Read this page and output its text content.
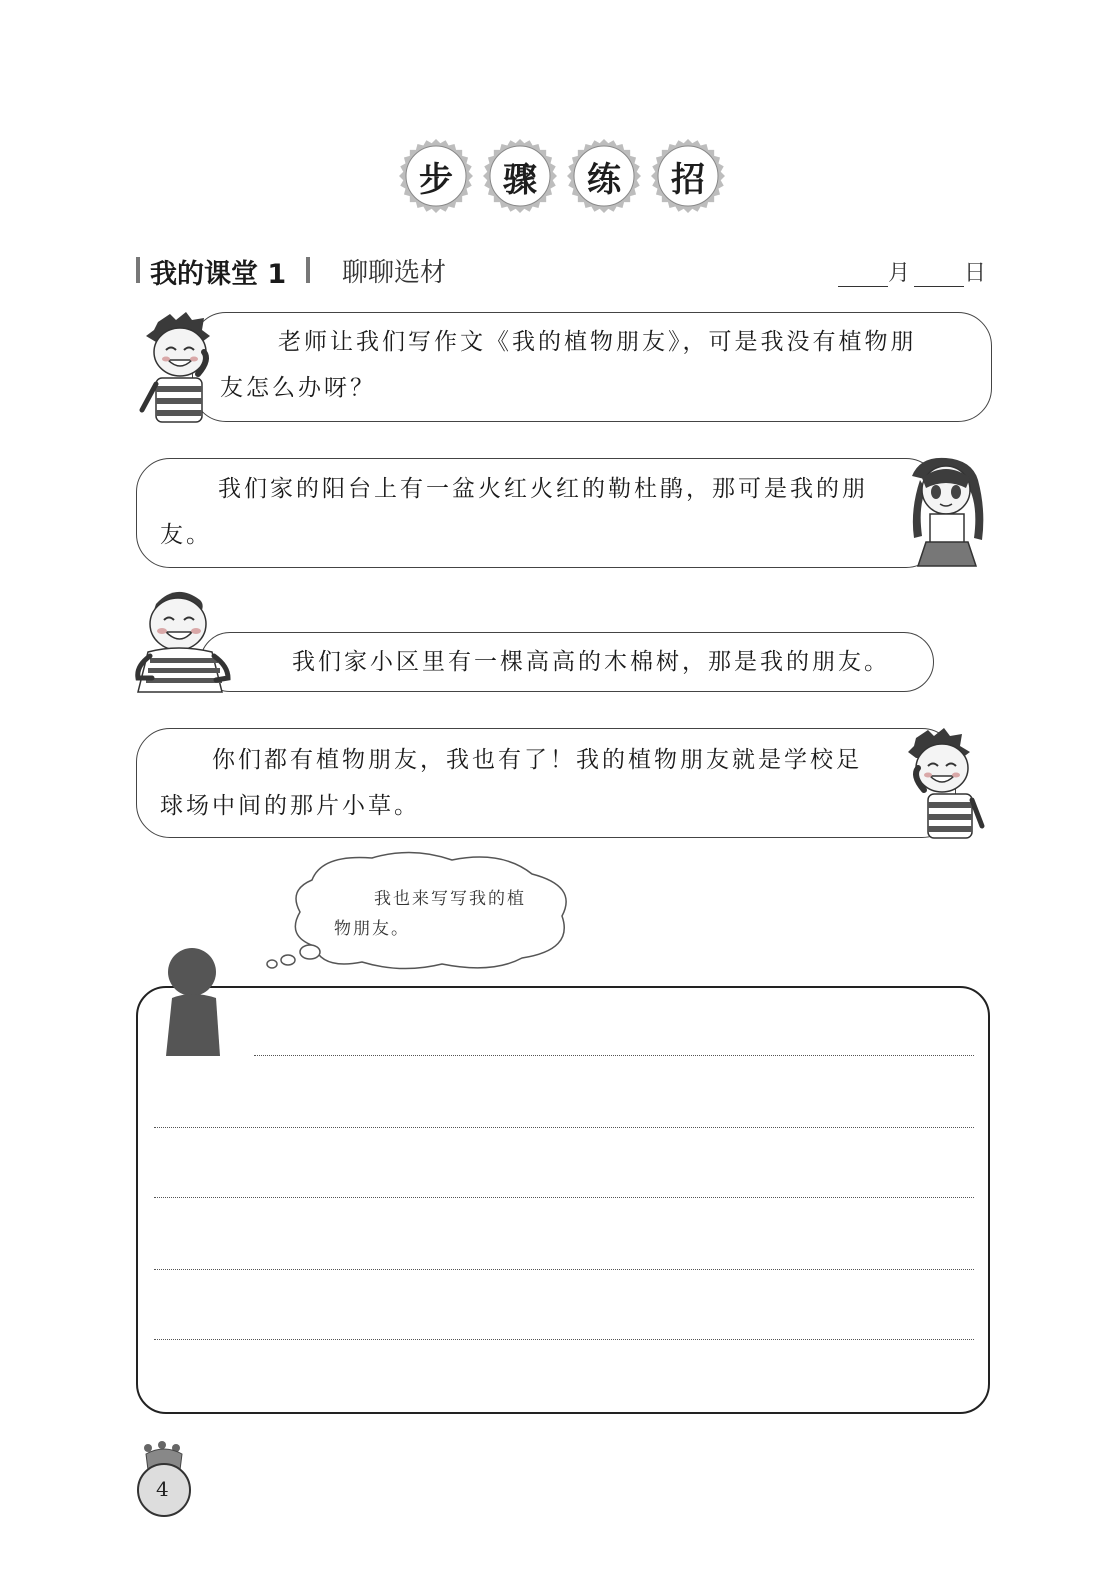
步	骤	练	招
我的课堂 1 聊聊选材	月 日
老师让我们写作文《我的植物朋友》，可是我没有植物朋
友怎么办呀？
我们家的阳台上有一盆火红火红的勒杜鹃，那可是我的朋
友。
我们家小区里有一棵高高的木棉树，那是我的朋友。
你们都有植物朋友，我也有了！我的植物朋友就是学校足
球场中间的那片小草。
我也来写写我的植
物朋友。
4
